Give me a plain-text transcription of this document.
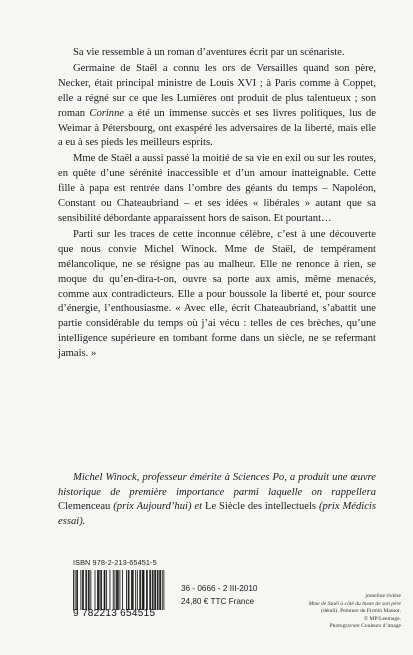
Sa vie ressemble à un roman d’aventures écrit par un scénariste.

Germaine de Staël a connu les ors de Versailles quand son père, Necker, était principal ministre de Louis XVI ; à Paris comme à Coppet, elle a régné sur ce que les Lumières ont produit de plus talentueux ; son roman Corinne a été un immense succès et ses livres politiques, lus de Weimar à Pétersbourg, ont exaspéré les adversaires de la liberté, mais elle a eu à ses pieds les meilleurs esprits.

Mme de Staël a aussi passé la moitié de sa vie en exil ou sur les routes, en quête d’une sérénité inaccessible et d’un amour inatteignable. Cette fille à papa est rentrée dans l’ombre des géants du temps – Napoléon, Constant ou Chateaubriand – et ses idées « libérales » autant que sa sensibilité débordante apparaissent hors de saison. Et pourtant…

Parti sur les traces de cette inconnue célèbre, c’est à une découverte que nous convie Michel Winock. Mme de Staël, de tempérament mélancolique, ne se résigne pas au malheur. Elle ne renonce à rien, se moque du qu’en-dira-t-on, ouvre sa porte aux amis, même menacés, comme aux contradicteurs. Elle a pour boussole la liberté et, pour source d’énergie, l’enthousiasme. « Avec elle, écrit Chateaubriand, s’abattit une partie considérable du temps où j’ai vécu : telles de ces brèches, qu’une intelligence supérieure en tombant forme dans un siècle, ne se refermant jamais. »

Michel Winock, professeur émérite à Sciences Po, a produit une œuvre historique de première importance parmi laquelle on rappellera Clemenceau (prix Aujourd’hui) et Le Siècle des intellectuels (prix Médicis essai).
ISBN 978-2-213-65451-5
9 782213 654515
36 - 0666 - 2 III-2010
24,80 € TTC France
josseline rivière
Mme de Staël à côté du buste de son père
(détail). Peinture de Firmin Massot.
© MP/Leemage.
Photogravure Couleurs d’image
